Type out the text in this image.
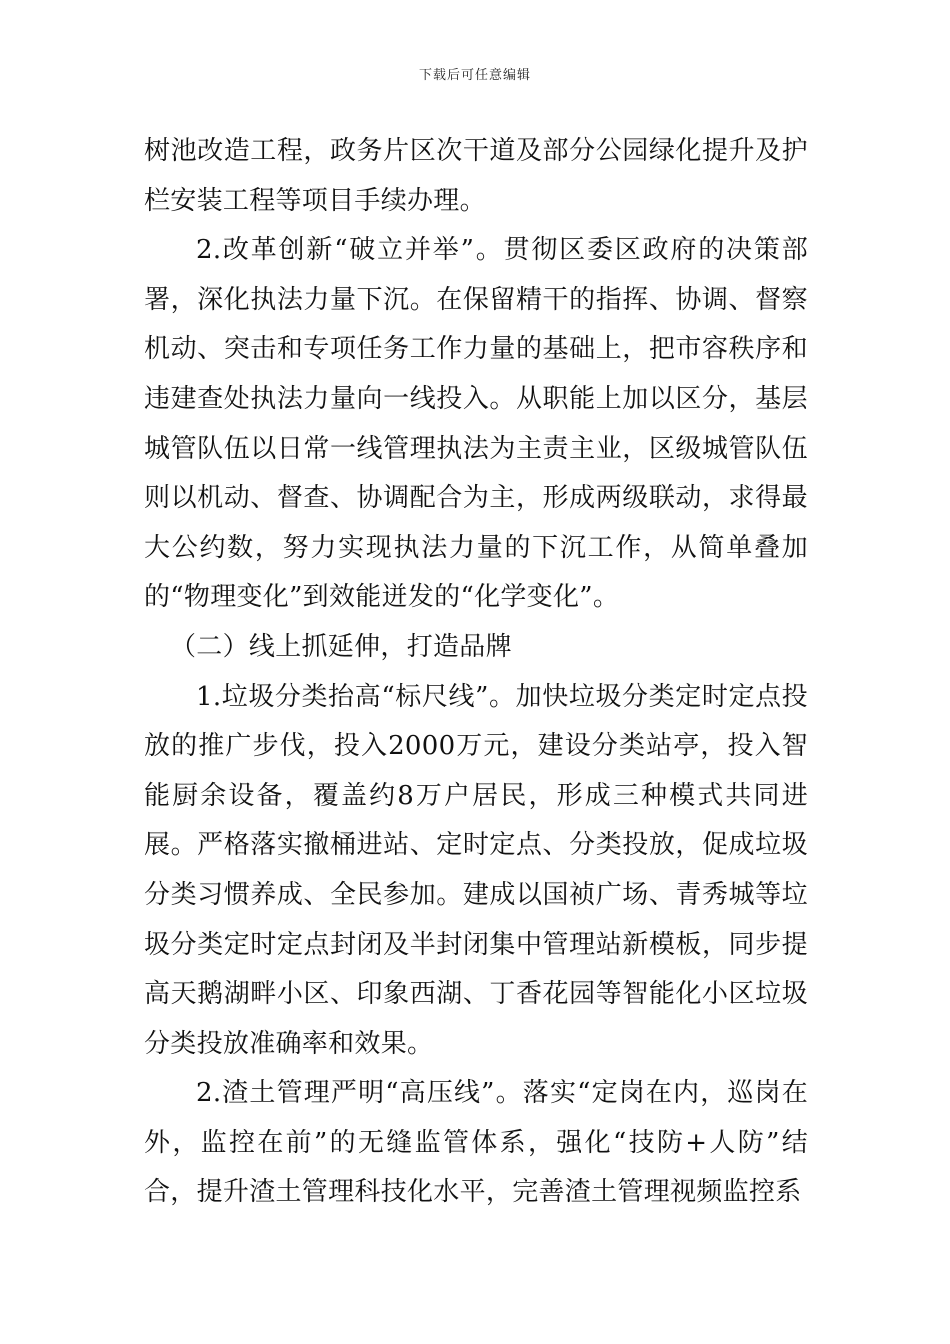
下载后可任意编辑

树池改造工程，政务片区次干道及部分公园绿化提升及护栏安装工程等项目手续办理。

2.改革创新“破立并举”。贯彻区委区政府的决策部署，深化执法力量下沉。在保留精干的指挥、协调、督察机动、突击和专项任务工作力量的基础上，把市容秩序和违建查处执法力量向一线投入。从职能上加以区分，基层城管队伍以日常一线管理执法为主责主业，区级城管队伍则以机动、督查、协调配合为主，形成两级联动，求得最大公约数，努力实现执法力量的下沉工作，从简单叠加的“物理变化”到效能迸发的“化学变化”。

（二）线上抓延伸，打造品牌

1.垃圾分类抬高“标尺线”。加快垃圾分类定时定点投放的推广步伐，投入2000万元，建设分类站亭，投入智能厨余设备，覆盖约8万户居民，形成三种模式共同进展。严格落实撤桶进站、定时定点、分类投放，促成垃圾分类习惯养成、全民参加。建成以国祯广场、青秀城等垃圾分类定时定点封闭及半封闭集中管理站新模板，同步提高天鹅湖畔小区、印象西湖、丁香花园等智能化小区垃圾分类投放准确率和效果。

2.渣土管理严明“高压线”。落实“定岗在内，巡岗在外，监控在前”的无缝监管体系，强化“技防+人防”结合，提升渣土管理科技化水平，完善渣土管理视频监控系
